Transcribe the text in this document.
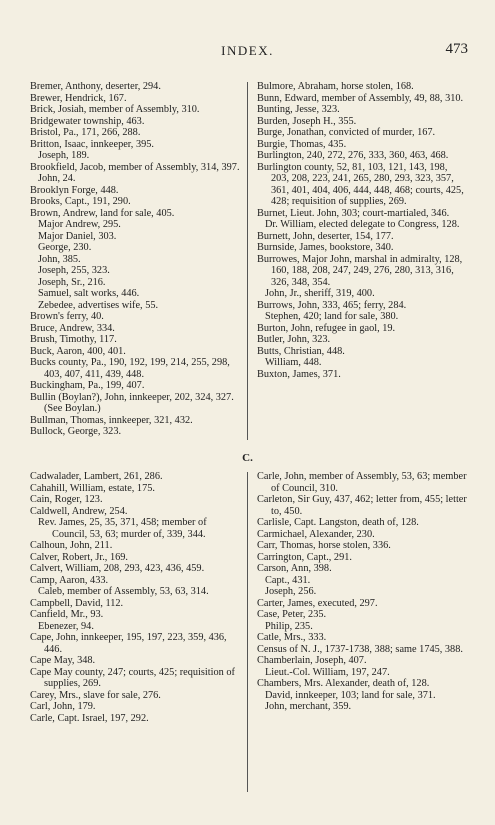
INDEX.	473

Bremer, Anthony, deserter, 294.

Brewer, Hendrick, 167.

Brick, Josiah, member of Assembly, 310.

Bridgewater township, 463.

Bristol, Pa., 171, 266, 288.

Britton, Isaac, innkeeper, 395.

Joseph, 189.

Brookfield, Jacob, member of Assembly, 314, 397.

John, 24.

Brooklyn Forge, 448.

Brooks, Capt., 191, 290.

Brown, Andrew, land for sale, 405.

Major Andrew, 295.

Major Daniel, 303.

George, 230.

John, 385.

Joseph, 255, 323.

Joseph, Sr., 216.

Samuel, salt works, 446.

Zebedee, advertises wife, 55.

Brown's ferry, 40.

Bruce, Andrew, 334.

Brush, Timothy, 117.

Buck, Aaron, 400, 401.

Bucks county, Pa., 190, 192, 199, 214, 255, 298, 403, 407, 411, 439, 448.

Buckingham, Pa., 199, 407.

Bullin (Boylan?), John, innkeeper, 202, 324, 327. (See Boylan.)

Bullman, Thomas, innkeeper, 321, 432.

Bullock, George, 323.

Bulmore, Abraham, horse stolen, 168.

Bunn, Edward, member of Assembly, 49, 88, 310.

Bunting, Jesse, 323.

Burden, Joseph H., 355.

Burge, Jonathan, convicted of murder, 167.

Burgie, Thomas, 435.

Burlington, 240, 272, 276, 333, 360, 463, 468.

Burlington county, 52, 81, 103, 121, 143, 198, 203, 208, 223, 241, 265, 280, 293, 323, 357, 361, 401, 404, 406, 444, 448, 468; courts, 425, 428; requisition of supplies, 269.

Burnet, Lieut. John, 303; court-martialed, 346.

Dr. William, elected delegate to Congress, 128.

Burnett, John, deserter, 154, 177.

Burnside, James, bookstore, 340.

Burrowes, Major John, marshal in admiralty, 128, 160, 188, 208, 247, 249, 276, 280, 313, 316, 326, 348, 354.

John, Jr., sheriff, 319, 400.

Burrows, John, 333, 465; ferry, 284.

Stephen, 420; land for sale, 380.

Burton, John, refugee in gaol, 19.

Butler, John, 323.

Butts, Christian, 448.

William, 448.

Buxton, James, 371.

C.

Cadwalader, Lambert, 261, 286.

Cahahill, William, estate, 175.

Cain, Roger, 123.

Caldwell, Andrew, 254.

Rev. James, 25, 35, 371, 458; member of Council, 53, 63; murder of, 339, 344.

Calhoun, John, 211.

Calver, Robert, Jr., 169.

Calvert, William, 208, 293, 423, 436, 459.

Camp, Aaron, 433.

Caleb, member of Assembly, 53, 63, 314.

Campbell, David, 112.

Canfield, Mr., 93.

Ebenezer, 94.

Cape, John, innkeeper, 195, 197, 223, 359, 436, 446.

Cape May, 348.

Cape May county, 247; courts, 425; requisition of supplies, 269.

Carey, Mrs., slave for sale, 276.

Carl, John, 179.

Carle, Capt. Israel, 197, 292.

Carle, John, member of Assembly, 53, 63; member of Council, 310.

Carleton, Sir Guy, 437, 462; letter from, 455; letter to, 450.

Carlisle, Capt. Langston, death of, 128.

Carmichael, Alexander, 230.

Carr, Thomas, horse stolen, 336.

Carrington, Capt., 291.

Carson, Ann, 398.

Capt., 431.

Joseph, 256.

Carter, James, executed, 297.

Case, Peter, 235.

Philip, 235.

Catle, Mrs., 333.

Census of N. J., 1737-1738, 388; same 1745, 388.

Chamberlain, Joseph, 407.

Lieut.-Col. William, 197, 247.

Chambers, Mrs. Alexander, death of, 128.

David, innkeeper, 103; land for sale, 371.

John, merchant, 359.
